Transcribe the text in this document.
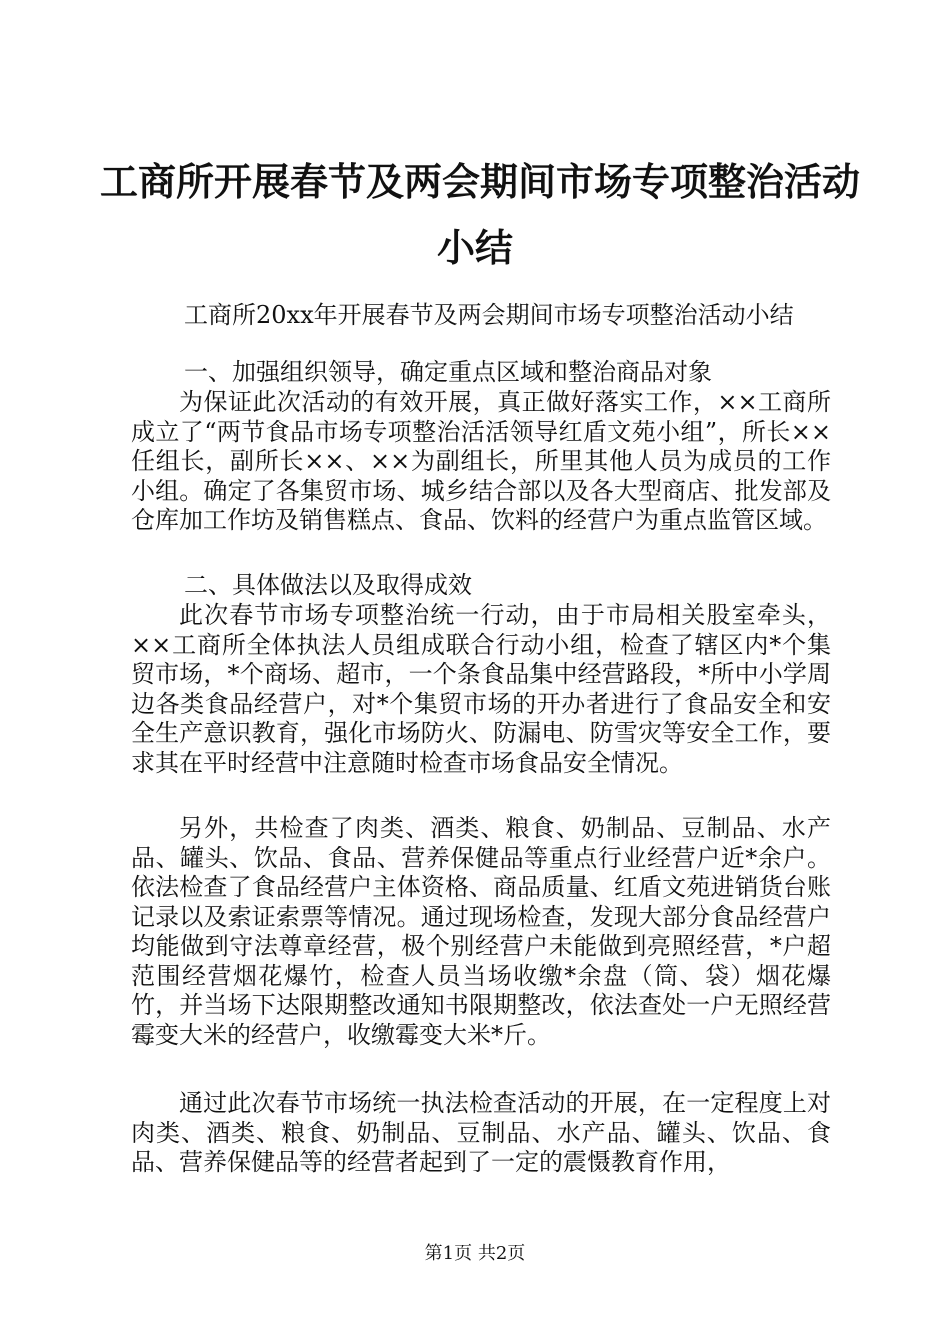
工商所开展春节及两会期间市场专项整治活动
小结

工商所20xx年开展春节及两会期间市场专项整治活动小结

一、加强组织领导，确定重点区域和整治商品对象

为保证此次活动的有效开展，真正做好落实工作，××工商所成立了“两节食品市场专项整治活活领导红盾文苑小组”，所长××任组长，副所长××、××为副组长，所里其他人员为成员的工作小组。确定了各集贸市场、城乡结合部以及各大型商店、批发部及仓库加工作坊及销售糕点、食品、饮料的经营户为重点监管区域。

二、具体做法以及取得成效

此次春节市场专项整治统一行动，由于市局相关股室牵头，××工商所全体执法人员组成联合行动小组，检查了辖区内*个集贸市场，*个商场、超市，一个条食品集中经营路段，*所中小学周边各类食品经营户，对*个集贸市场的开办者进行了食品安全和安全生产意识教育，强化市场防火、防漏电、防雪灾等安全工作，要求其在平时经营中注意随时检查市场食品安全情况。

另外，共检查了肉类、酒类、粮食、奶制品、豆制品、水产品、罐头、饮品、食品、营养保健品等重点行业经营户近*余户。依法检查了食品经营户主体资格、商品质量、红盾文苑进销货台账记录以及索证索票等情况。通过现场检查，发现大部分食品经营户均能做到守法尊章经营，极个别经营户未能做到亮照经营，*户超范围经营烟花爆竹，检查人员当场收缴*余盘（筒、袋）烟花爆竹，并当场下达限期整改通知书限期整改，依法查处一户无照经营霉变大米的经营户，收缴霉变大米*斤。

通过此次春节市场统一执法检查活动的开展，在一定程度上对肉类、酒类、粮食、奶制品、豆制品、水产品、罐头、饮品、食品、营养保健品等的经营者起到了一定的震慑教育作用，

第1页 共2页
